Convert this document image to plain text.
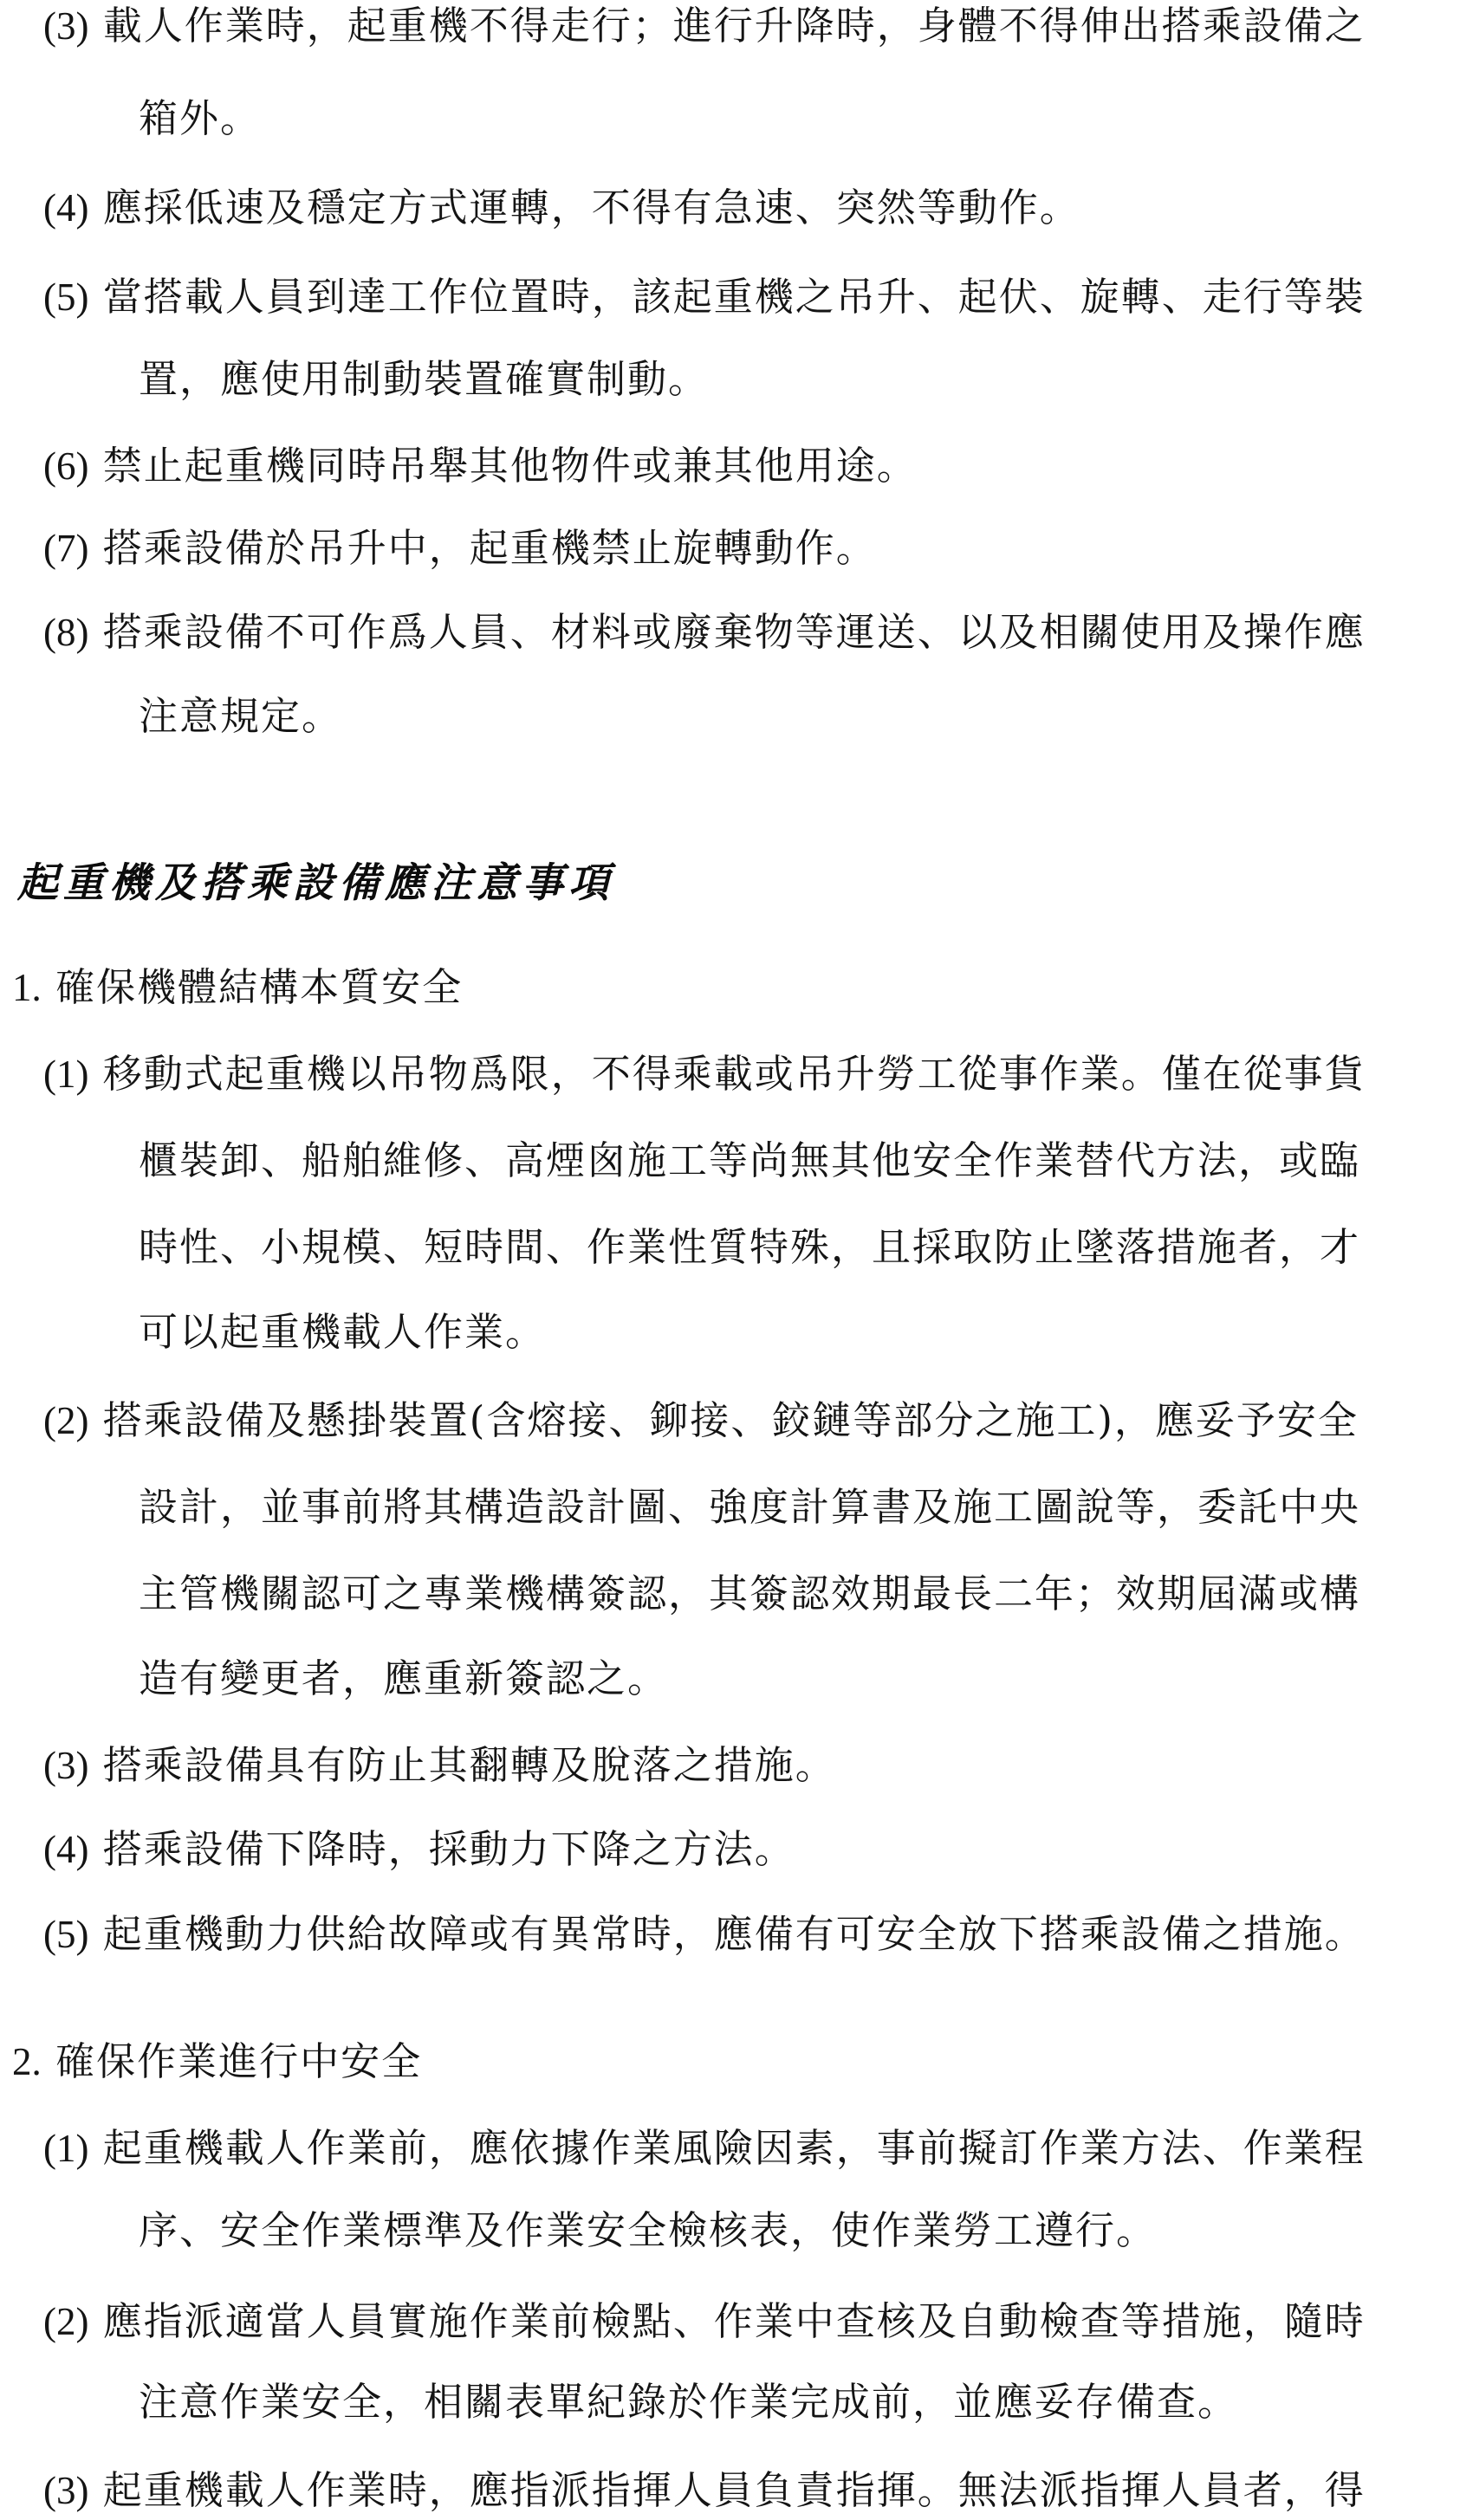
(3) 載人作業時，起重機不得走行；進行升降時，身體不得伸出搭乘設備之
箱外。
(4) 應採低速及穩定方式運轉，不得有急速、突然等動作。
(5) 當搭載人員到達工作位置時，該起重機之吊升、起伏、旋轉、走行等裝
置，應使用制動裝置確實制動。
(6) 禁止起重機同時吊舉其他物件或兼其他用途。
(7) 搭乘設備於吊升中，起重機禁止旋轉動作。
(8) 搭乘設備不可作爲人員、材料或廢棄物等運送、以及相關使用及操作應
注意規定。
起重機及搭乘設備應注意事項
1. 確保機體結構本質安全
(1) 移動式起重機以吊物爲限，不得乘載或吊升勞工從事作業。僅在從事貨
櫃裝卸、船舶維修、高煙囪施工等尚無其他安全作業替代方法，或臨
時性、小規模、短時間、作業性質特殊，且採取防止墜落措施者，才
可以起重機載人作業。
(2) 搭乘設備及懸掛裝置(含熔接、鉚接、鉸鏈等部分之施工)，應妥予安全
設計，並事前將其構造設計圖、強度計算書及施工圖說等，委託中央
主管機關認可之專業機構簽認，其簽認效期最長二年；效期屆滿或構
造有變更者，應重新簽認之。
(3) 搭乘設備具有防止其翻轉及脫落之措施。
(4) 搭乘設備下降時，採動力下降之方法。
(5) 起重機動力供給故障或有異常時，應備有可安全放下搭乘設備之措施。
2. 確保作業進行中安全
(1) 起重機載人作業前，應依據作業風險因素，事前擬訂作業方法、作業程
序、安全作業標準及作業安全檢核表，使作業勞工遵行。
(2) 應指派適當人員實施作業前檢點、作業中查核及自動檢查等措施，隨時
注意作業安全，相關表單紀錄於作業完成前，並應妥存備查。
(3) 起重機載人作業時，應指派指揮人員負責指揮。無法派指揮人員者，得
